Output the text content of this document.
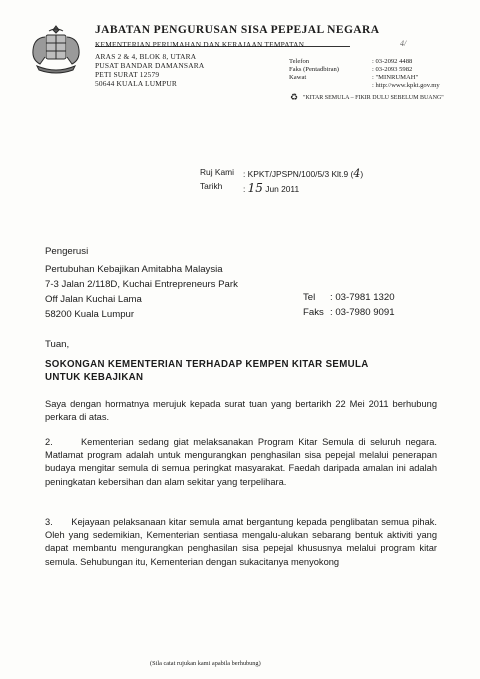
JABATAN PENGURUSAN SISA PEPEJAL NEGARA
KEMENTERIAN PERUMAHAN DAN KERAJAAN TEMPATAN
ARAS 2 & 4, BLOK 8, UTARA
PUSAT BANDAR DAMANSARA
PETI SURAT 12579
50644 KUALA LUMPUR
Telefon	: 03-2092 4488
Faks (Pentadbiran)	: 03-2093 5982
Kawat	: "MINRUMAH"
: http://www.kpkt.gov.my
♻ "KITAR SEMULA – FIKIR DULU SEBELUM BUANG"
4/
Ruj Kami : KPKT/JPSPN/100/5/3 Klt.9 (4)
Tarikh : 15 Jun 2011
Pengerusi
Pertubuhan Kebajikan Amitabha Malaysia
7-3 Jalan 2/118D, Kuchai Entrepreneurs Park
Off Jalan Kuchai Lama
58200 Kuala Lumpur
Tel : 03-7981 1320
Faks : 03-7980 9091
Tuan,
SOKONGAN KEMENTERIAN TERHADAP KEMPEN KITAR SEMULA
UNTUK KEBAJIKAN

Saya dengan hormatnya merujuk kepada surat tuan yang bertarikh 22 Mei 2011 berhubung perkara di atas.

2.      Kementerian sedang giat melaksanakan Program Kitar Semula di seluruh negara. Matlamat program adalah untuk mengurangkan penghasilan sisa pepejal melalui penerapan budaya mengitar semula di semua peringkat masyarakat. Faedah daripada amalan ini adalah peningkatan kebersihan dan alam sekitar yang terpelihara.

3.      Kejayaan pelaksanaan kitar semula amat bergantung kepada penglibatan semua pihak. Oleh yang sedemikian, Kementerian sentiasa mengalu-alukan sebarang bentuk aktiviti yang dapat membantu mengurangkan penghasilan sisa pepejal khususnya melalui program kitar semula. Sehubungan itu, Kementerian dengan sukacitanya menyokong

(Sila catat rujukan kami apabila berhubung)
